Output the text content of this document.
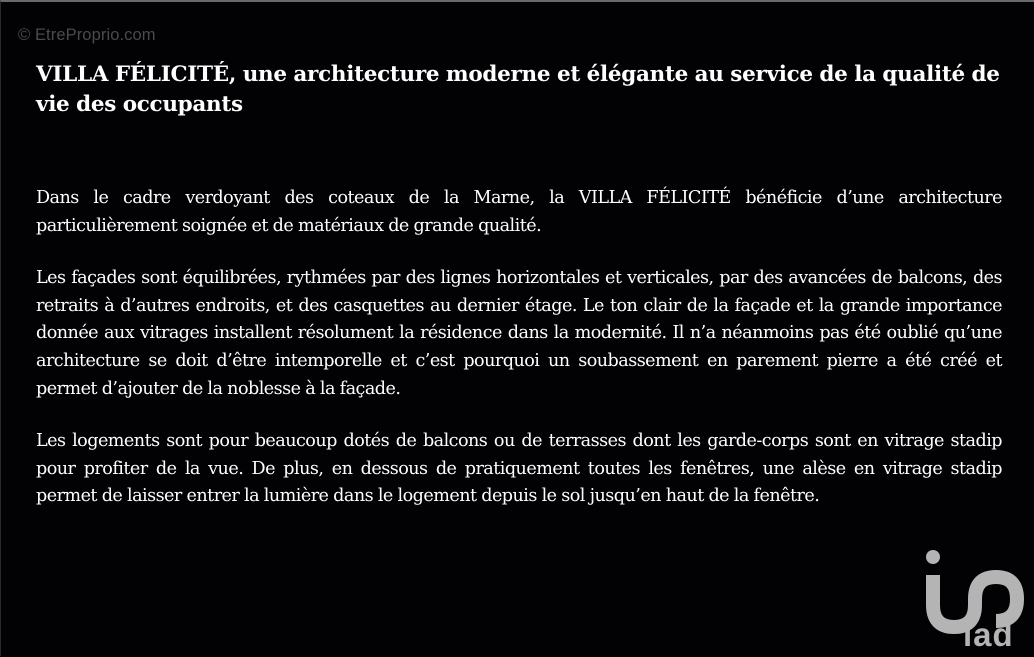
© EtreProprio.com
VILLA FÉLICITÉ, une architecture moderne et élégante au service de la qualité de vie des occupants

Dans le cadre verdoyant des coteaux de la Marne, la VILLA FÉLICITÉ bénéficie d’une architecture particulièrement soignée et de matériaux de grande qualité.

Les façades sont équilibrées, rythmées par des lignes horizontales et verticales, par des avancées de balcons, des retraits à d’autres endroits, et des casquettes au dernier étage. Le ton clair de la façade et la grande importance donnée aux vitrages installent résolument la résidence dans la modernité. Il n’a néanmoins pas été oublié qu’une architecture se doit d’être intemporelle et c’est pourquoi un soubassement en parement pierre a été créé et permet d’ajouter de la noblesse à la façade.

Les logements sont pour beaucoup dotés de balcons ou de terrasses dont les garde-corps sont en vitrage stadip pour profiter de la vue. De plus, en dessous de pratiquement toutes les fenêtres, une alèse en vitrage stadip permet de laisser entrer la lumière dans le logement depuis le sol jusqu’en haut de la fenêtre.

iad
